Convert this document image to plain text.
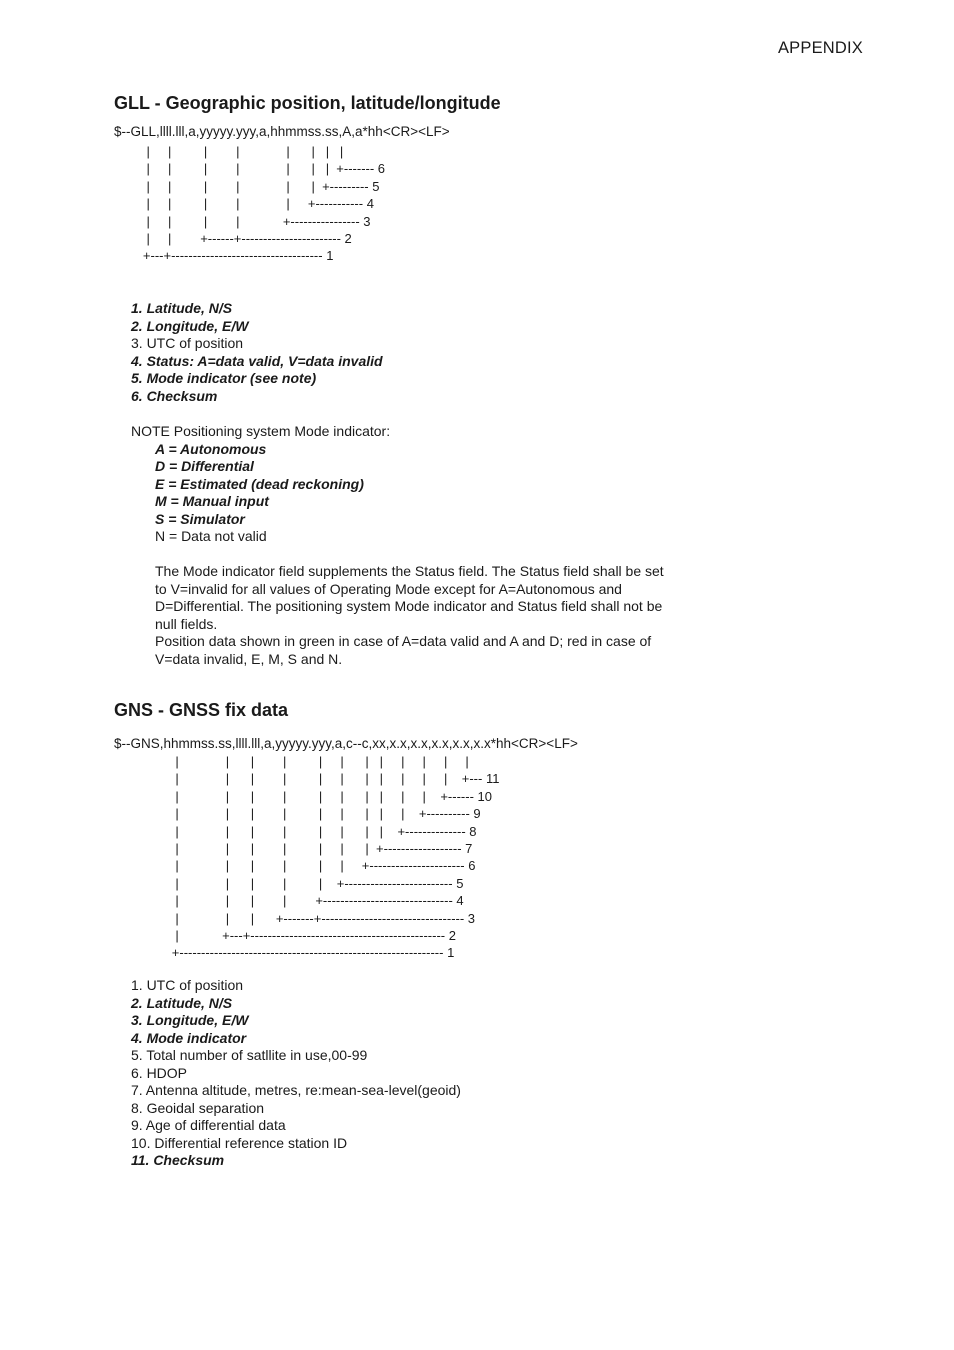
APPENDIX
GLL - Geographic position, latitude/longitude
$--GLL,llll.lll,a,yyyyy.yyy,a,hhmmss.ss,A,a*hh<CR><LF>
|     |         |        |             |      |   |   |
|     |         |        |             |      |   |  +------- 6
|     |         |        |             |      |  +--------- 5
|     |         |        |             |     +----------- 4
|     |         |        |            +---------------- 3
|     |        +------+----------------------- 2
+---+----------------------------------- 1
1. Latitude, N/S
2. Longitude, E/W
3. UTC of position
4. Status: A=data valid, V=data invalid
5. Mode indicator (see note)
6. Checksum
NOTE Positioning system Mode indicator:
A = Autonomous
D = Differential
E = Estimated (dead reckoning)
M = Manual input
S = Simulator
N = Data not valid

The Mode indicator field supplements the Status field. The Status field shall be set to V=invalid for all values of Operating Mode except for A=Autonomous and D=Differential. The positioning system Mode indicator and Status field shall not be null fields.

Position data shown in green in case of A=data valid and A and D; red in case of V=data invalid, E, M, S and N.

GNS - GNSS fix data
$--GNS,hhmmss.ss,llll.lll,a,yyyyy.yyy,a,c--c,xx,x.x,x.x,x.x,x.x,x.x*hh<CR><LF>
|             |      |        |         |     |      |   |     |     |     |     |
|             |      |        |         |     |      |   |     |     |     |    +--- 11
|             |      |        |         |     |      |   |     |     |    +------ 10
|             |      |        |         |     |      |   |     |    +---------- 9
|             |      |        |         |     |      |   |    +-------------- 8
|             |      |        |         |     |      |  +------------------ 7
|             |      |        |         |     |     +---------------------- 6
|             |      |        |         |    +------------------------- 5
|             |      |        |        +------------------------------ 4
|             |      |      +-------+--------------------------------- 3
|            +---+--------------------------------------------- 2
+------------------------------------------------------------- 1
1. UTC of position
2. Latitude, N/S
3. Longitude, E/W
4. Mode indicator
5. Total number of satllite in use,00-99
6. HDOP
7. Antenna altitude, metres, re:mean-sea-level(geoid)
8. Geoidal separation
9. Age of differential data
10. Differential reference station ID
11. Checksum
